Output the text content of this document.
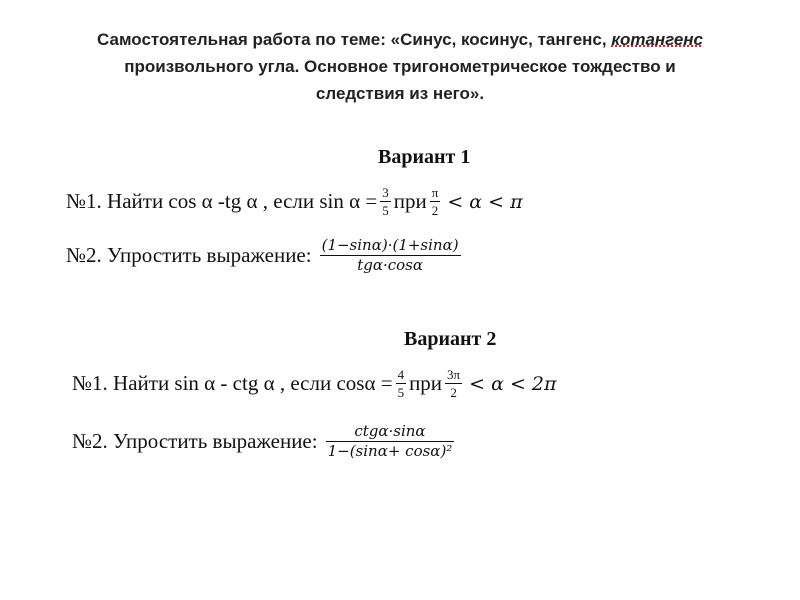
Самостоятельная работа по теме: «Синус, косинус, тангенс, котангенс
произвольного угла. Основное тригонометрическое тождество и
следствия из него».
Вариант 1
№1. Найти cos α -tg α , если $\sin \alpha = \frac{3}{5}$ при $\frac{\pi}{2} < \alpha < \pi$
№2. Упростить выражение: $\frac{(1-\sin\alpha)\cdot(1+\sin\alpha)}{\text{tgα·cosα}}$
Вариант 2
№1. Найти sin α - ctg α , если $\cos\alpha = \frac{4}{5}$ при $\frac{3\pi}{2} < \alpha < 2\pi$
№2. Упростить выражение: $\frac{\text{ctgα·sinα}}{\text{1−(sinα+ cosα)²}}$
